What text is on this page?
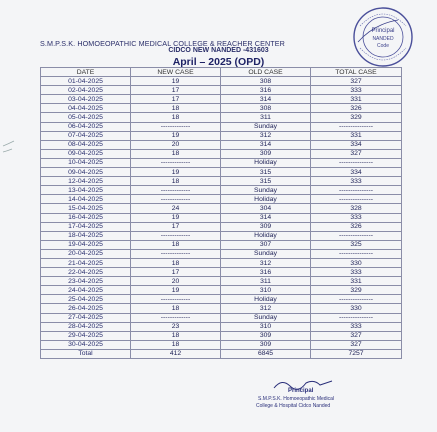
S.M.P.S.K. HOMOEOPATHIC MEDICAL COLLEGE & REACHER CENTER
CIDCO NEW NANDED -431603
April – 2025 (OPD)
Principal
NANDED
Code
DATE	NEW CASE	OLD CASE	TOTAL CASE
01-04-2025	19	308	327
02-04-2025	17	316	333
03-04-2025	17	314	331
04-04-2025	18	308	326
05-04-2025	18	311	329
06-04-2025	-------------	Sunday	---------------
07-04-2025	19	312	331
08-04-2025	20	314	334
09-04-2025	18	309	327
10-04-2025	-------------	Holiday	---------------
09-04-2025	19	315	334
12-04-2025	18	315	333
13-04-2025	-------------	Sunday	---------------
14-04-2025	-------------	Holiday	---------------
15-04-2025	24	304	328
16-04-2025	19	314	333
17-04-2025	17	309	326
18-04-2025	-------------	Holiday	---------------
19-04-2025	18	307	325
20-04-2025	-------------	Sunday	---------------
21-04-2025	18	312	330
22-04-2025	17	316	333
23-04-2025	20	311	331
24-04-2025	19	310	329
25-04-2025	-------------	Holiday	---------------
26-04-2025	18	312	330
27-04-2025	-------------	Sunday	---------------
28-04-2025	23	310	333
29-04-2025	18	309	327
30-04-2025	18	309	327
Total	412	6845	7257
Principal
S.M.P.S.K. Homoeopathic Medical
College & Hospital Cidco Nanded
